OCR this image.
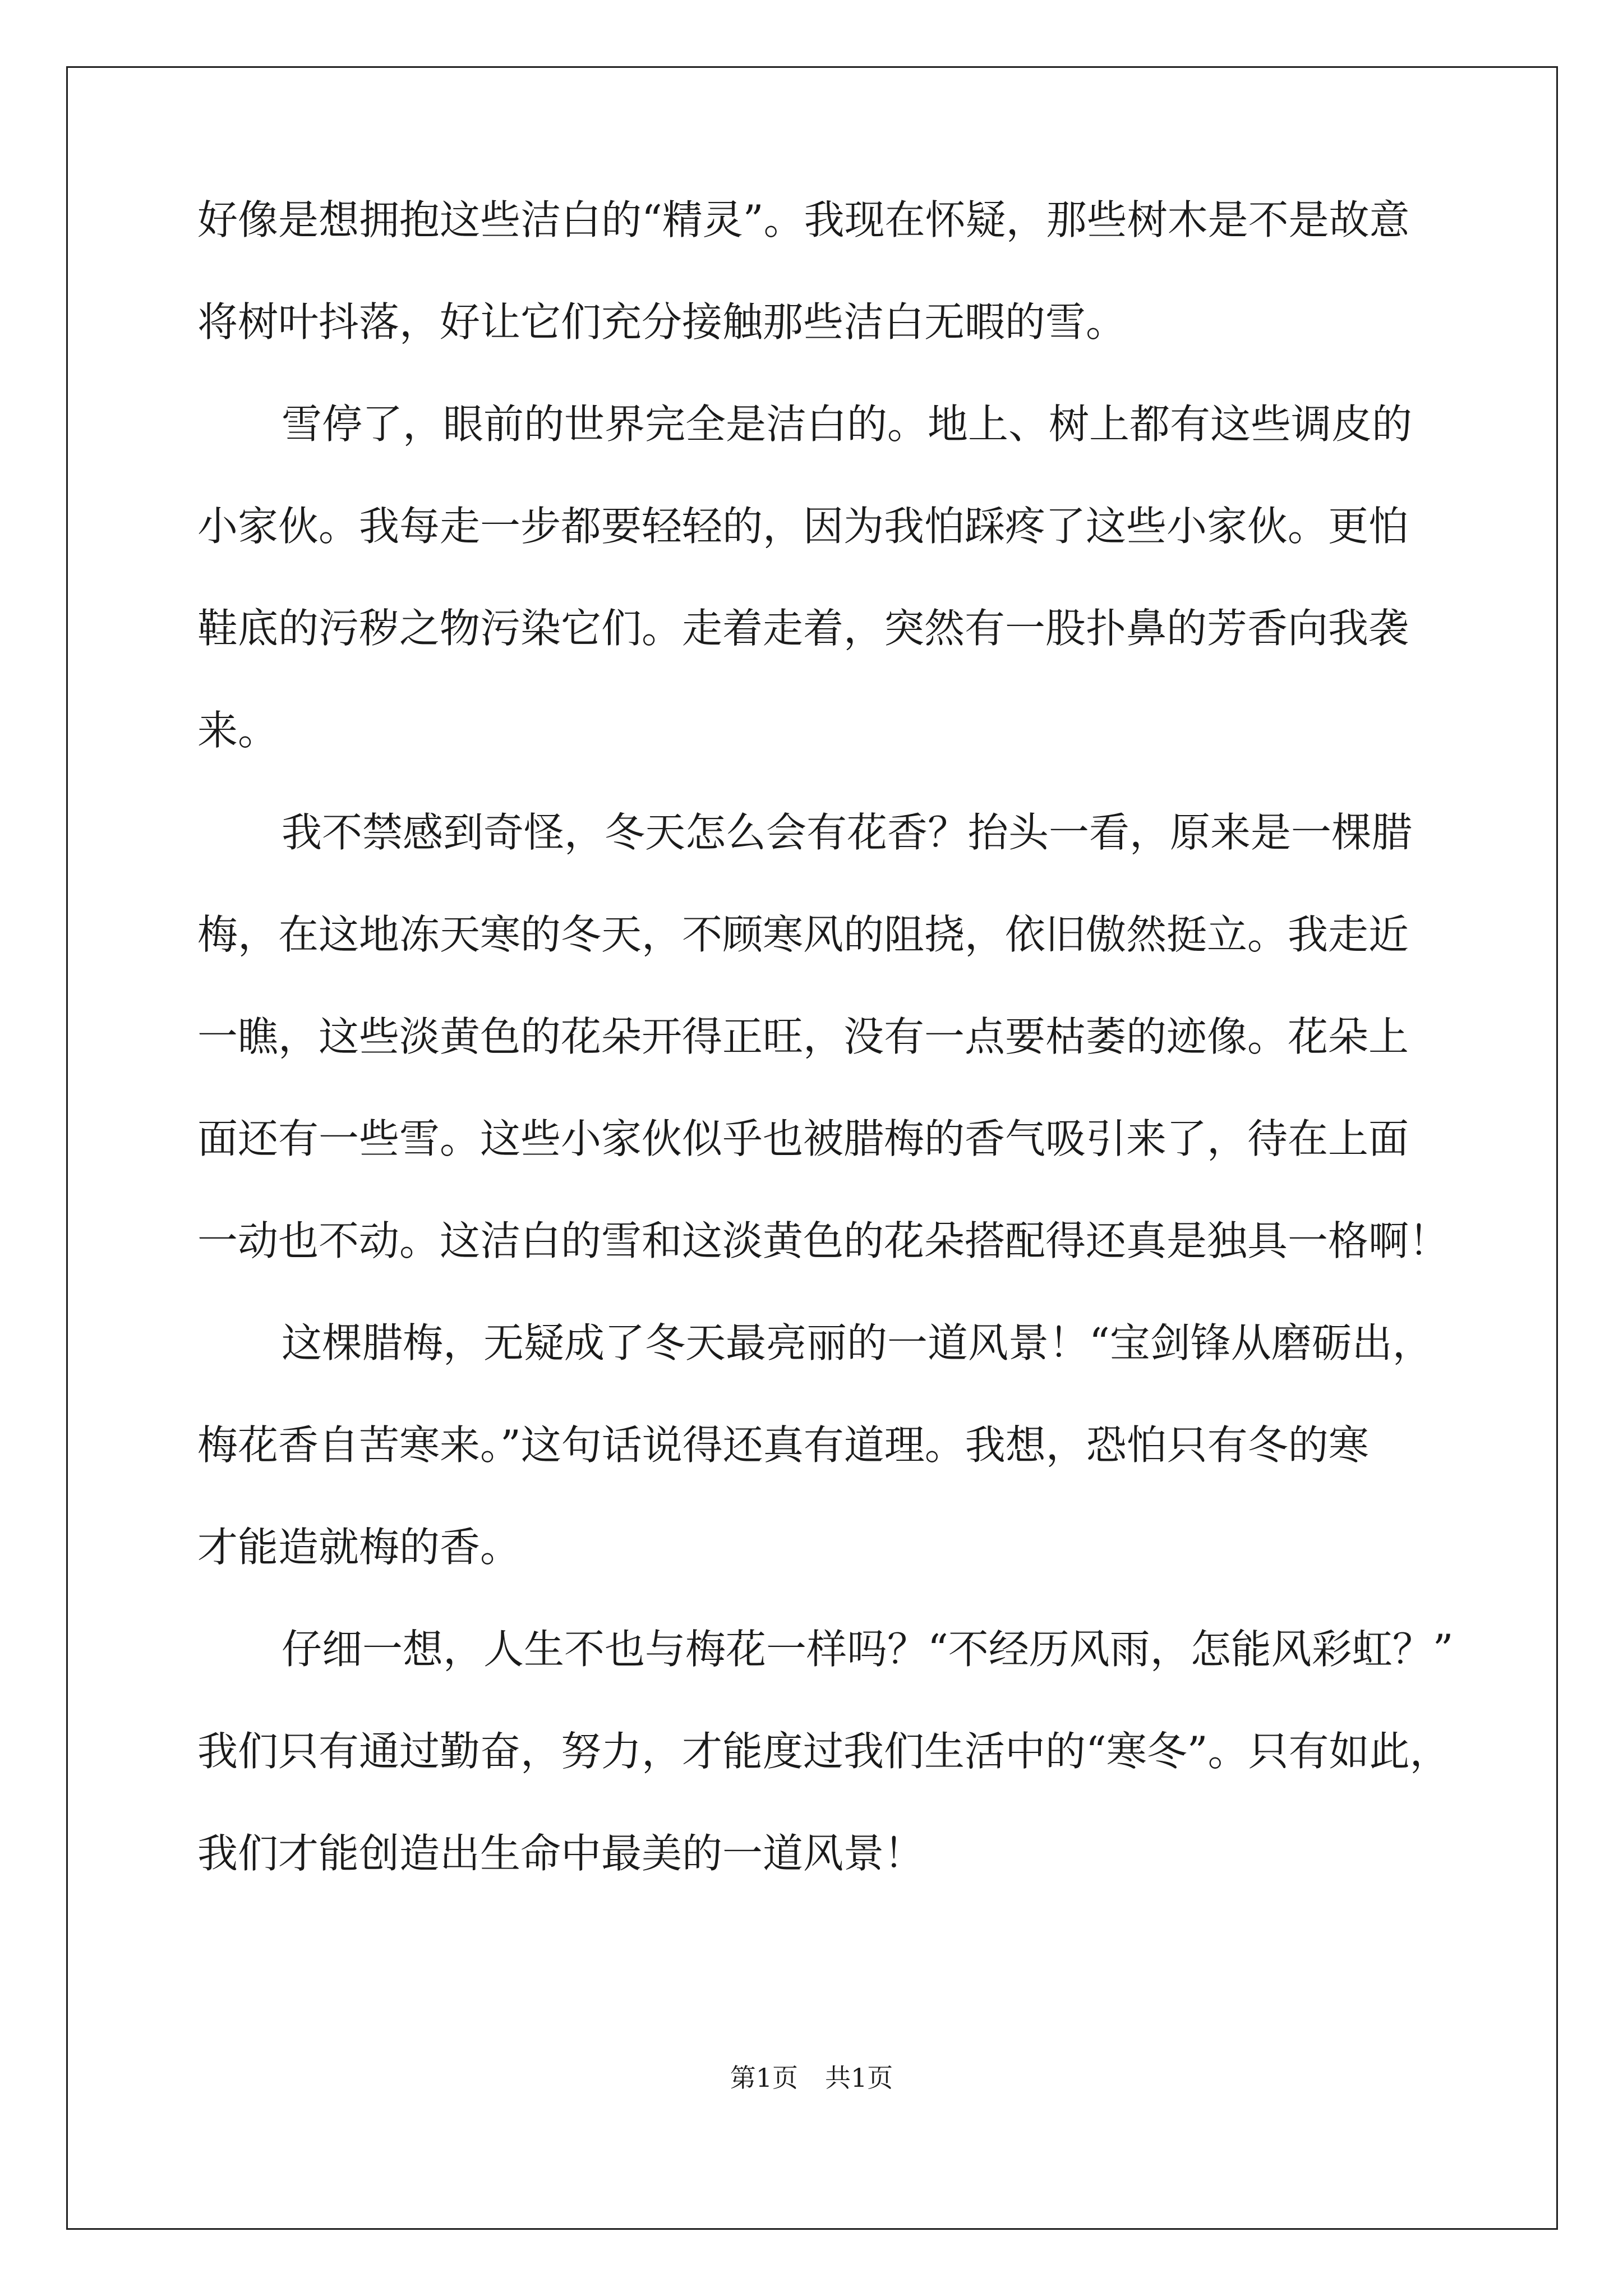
好像是想拥抱这些洁白的“精灵”。我现在怀疑，那些树木是不是故意
将树叶抖落，好让它们充分接触那些洁白无暇的雪。
雪停了，眼前的世界完全是洁白的。地上、树上都有这些调皮的
小家伙。我每走一步都要轻轻的，因为我怕踩疼了这些小家伙。更怕
鞋底的污秽之物污染它们。走着走着，突然有一股扑鼻的芳香向我袭
来。
我不禁感到奇怪，冬天怎么会有花香？抬头一看，原来是一棵腊
梅，在这地冻天寒的冬天，不顾寒风的阻挠，依旧傲然挺立。我走近
一瞧，这些淡黄色的花朵开得正旺，没有一点要枯萎的迹像。花朵上
面还有一些雪。这些小家伙似乎也被腊梅的香气吸引来了，待在上面
一动也不动。这洁白的雪和这淡黄色的花朵搭配得还真是独具一格啊！
这棵腊梅，无疑成了冬天最亮丽的一道风景！“宝剑锋从磨砺出，
梅花香自苦寒来。”这句话说得还真有道理。我想，恐怕只有冬的寒
才能造就梅的香。
仔细一想，人生不也与梅花一样吗？“不经历风雨，怎能风彩虹？”
我们只有通过勤奋，努力，才能度过我们生活中的“寒冬”。只有如此，
我们才能创造出生命中最美的一道风景！
第1页 共1页
